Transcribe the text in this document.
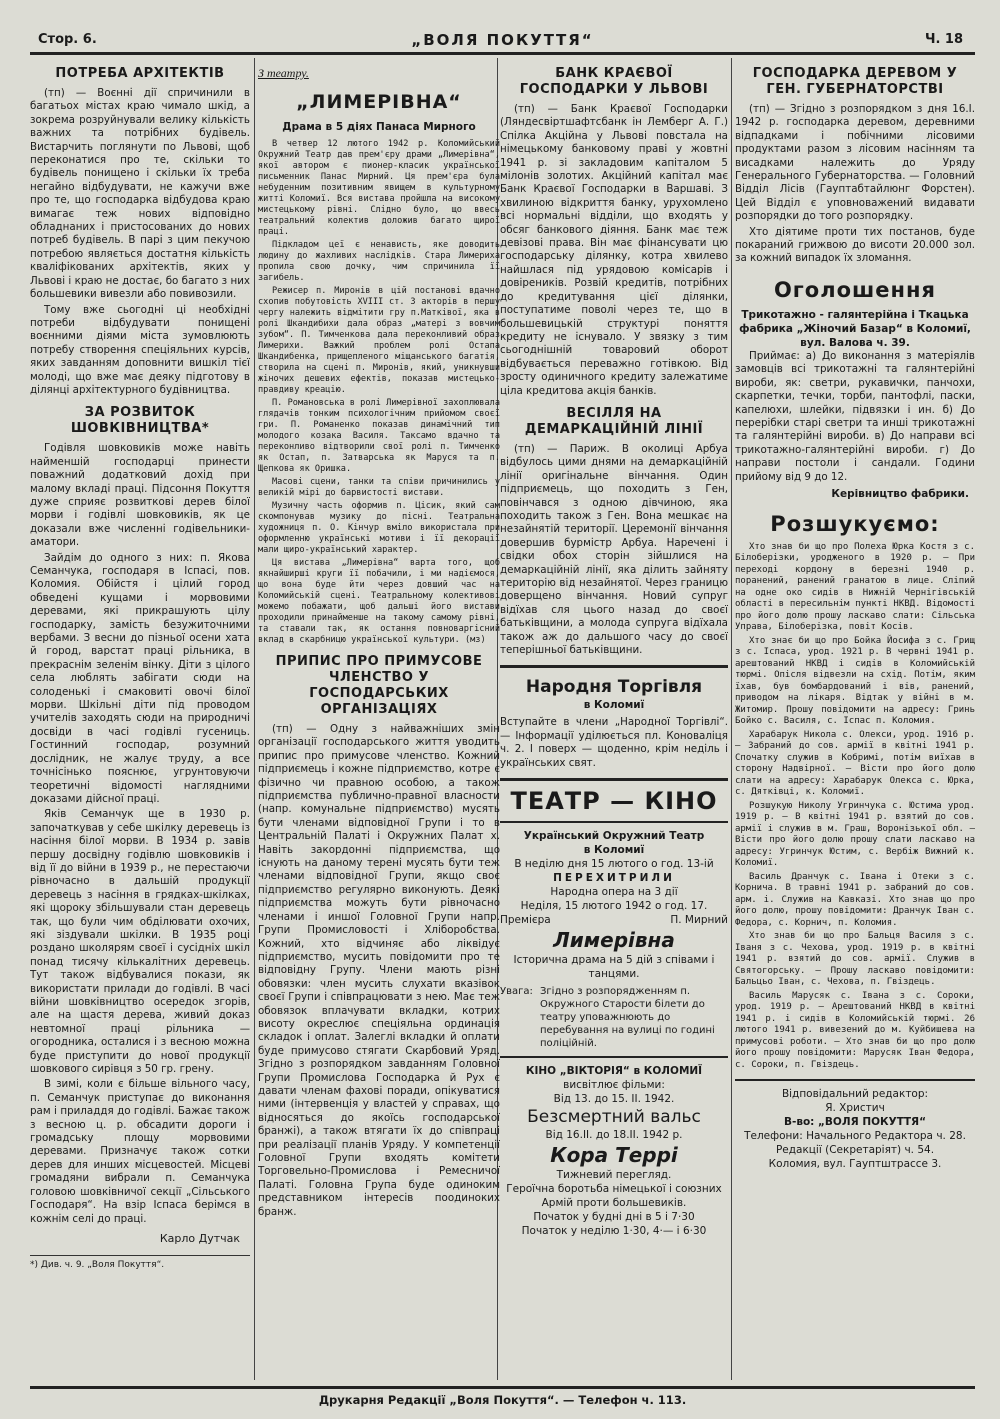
Стор. 6.	„ВОЛЯ ПОКУТТЯ“	Ч. 18
ПОТРЕБА АРХІТЕКТІВ

(тп) — Воєнні дії спричинили в багатьох містах краю чимало шкід, а зокрема розруйнували велику кількість важних та потрібних будівель. Вистарчить поглянути по Львові, щоб переконатися про те, скільки то будівель понищено і скільки їх треба негайно відбудувати, не кажучи вже про те, що господарка відбудова краю вимагає теж нових відповідно обладнаних і пристосованих до нових потреб будівель. В парі з цим пекучою потребою являється достатня кількість кваліфікованих архітектів, яких у Львові і краю не достає, бо багато з них большевики вивезли або повивозили.

Тому вже сьогодні ці необхідні потреби відбудувати понищені воєнними діями міста зумовлюють потребу створення спеціяльних курсів, яких завданням доповнити вишкіл тієї молоді, що вже має деяку підготову в ділянці архітектурного будівництва.

ЗА РОЗВИТОК ШОВКІВНИЦТВА*

Годівля шовковиків може навіть найменшій господарці принести поважний додатковий дохід при малому вкладі праці. Підсоння Покуття дуже сприяє розвиткові дерев білої морви і годівлі шовковиків, як це доказали вже численні годівельники-аматори.

Зайдім до одного з них: п. Якова Семанчука, господаря в Іспасі, пов. Коломия. Обійстя і цілий город обведені кущами і морвовими деревами, які прикрашують цілу господарку, замість безужиточними вербами. З весни до пізньої осени хата й город, варстат праці рільника, в прекраснім зеленім вінку. Діти з цілого села люблять забігати сюди на солоденькі і смаковиті овочі білої морви. Шкільні діти під проводом учителів заходять сюди на природничі досвіди в часі годівлі гусениць. Гостинний господар, розумний дослідник, не жалує труду, а все точнісінько пояснює, угрунтовуючи теоретичні відомості наглядними доказами дійсної праці.

Яків Семанчук ще в 1930 р. започаткував у себе шкілку деревець із насіння білої морви. В 1934 р. завів першу досвідну годівлю шовковиків і від її до війни в 1939 р., не перестаючи рівночасно в дальшій продукції деревець з насіння в грядках-шкілках, які щороку збільшували стан деревець так, що були чим обділювати охочих, які зіздували шкілки. В 1935 році роздано школярям своєї і сусідніх шкіл понад тисячу кількалітних деревець. Тут також відбувалися покази, як використати прилади до годівлі. В часі війни шовківництво осередок згорів, але на щастя дерева, живий доказ невтомної праці рільника — огородника, осталися і з весною можна буде приступити до нової продукції шовкового сирівця з 50 гр. грену.

В зимі, коли є більше вільного часу, п. Семанчук приступає до виконання рам і приладдя до годівлі. Бажає також з весною ц. р. обсадити дороги і громадську площу морвовими деревами. Призначує також сотки дерев для инших місцевостей. Місцеві громадяни вибрали п. Семанчука головою шовківничої секції „Сільського Господаря“. На взір Іспаса берімся в кожнім селі до праці.

Карло Дутчак
*) Див. ч. 9. „Воля Покуття“.
З театру.
„ЛИМЕРІВНА“
Драма в 5 діях Панаса Мирного

В четвер 12 лютого 1942 р. Коломийський Окружний Театр дав прем'єру драми „Лимерівна“, якої автором є пионер-класик української письменник Панас Мирний. Ця прем'єра була небуденним позитивним явищем в культурному житті Коломиї. Вся вистава пройшла на високому мистецькому рівні. Слідно було, що ввесь театральний колектив доложив багато щирої праці.

Підкладом цеї є ненависть, яке доводить людину до жахливих наслідків. Стара Лимериха пропила свою дочку, чим спричинила її загибель.

Режисер п. Миронів в цій постанові вдачно схопив побутовість XVIII ст. З акторів в першу чергу належить відмітити гру п.Матківої, яка в ролі Шкандибихи дала образ „матері з вовчим зубом“. П. Тимченкова дала переконливий образ Лимерихи. Важкий проблем ролі Остапа Шкандибенка, прищепленого міщанського багатія, створила на сцені п. Миронів, який, уникнувши жіночих дешевих ефектів, показав мистецько-правдиву креацію.

П. Романовська в ролі Лимерівної захоплювала глядачів тонким психологічним прийомом своєї гри. П. Романенко показав динамічний тип молодого козака Василя. Таксамо вдачно та переконливо відтворили свої ролі п. Тимченко як Остап, п. Затварська як Маруся та п. Щепкова як Оришка.

Масові сцени, танки та співи причинились у великій мірі до барвистості вистави.

Музичну часть оформив п. Цісик, який сам скомпонував музику до пісні. Театральна художниця п. О. Кінчур вміло використала при оформленню українські мотиви і її декорації мали щиро-український характер.

Ця вистава „Лимерівна“ варта того, щоб якнайширші круги її побачили, і ми надіємося, що вона буде йти через довший час на Коломийській сцені. Театральному колективові можемо побажати, щоб дальші його вистави проходили принайменше на такому самому рівні, та ставали так, як остання повноваргісний вклад в скарбницю української культури. (мз)

ПРИПИС ПРО ПРИМУСОВЕ ЧЛЕНСТВО У ГОСПОДАРСЬКИХ ОРГАНІЗАЦІЯХ

(тп) — Одну з найважніших змін організації господарського життя уводить припис про примусове членство. Кожний підприємець і кожне підприємство, котре є фізично чи правною особою, а також підприємства публично-правної власности (напр. комунальне підприємство) мусять бути членами відповідної Групи і то в Центральній Палаті і Окружних Палат х. Навіть закордонні підприємства, що існують на даному терені мусять бути теж членами відповідної Групи, якщо своє підприємство регулярно виконують. Деякі підприємства можуть бути рівночасно членами і иншої Головної Групи напр. Групи Промисловості і Хліборобства. Кожний, хто відчиняє або ліквідує підприємство, мусить повідомити про те відповідну Групу. Члени мають різні обовязки: член мусить слухати вказівок своєї Групи і співпрацювати з нею. Має теж обовязок вплачувати вкладки, котрих висоту окреслює спеціяльна ординація складок і оплат. Залеглі вкладки й оплати буде примусово стягати Скарбовий Уряд. Згідно з розпорядком завданням Головної Групи Промислова Господарка й Рух є давати членам фахові поради, опікуватися ними (інтервенція у властей у справах, що відносяться до якоїсь господарської бранжі), а також втягати їх до співпраці при реалізації планів Уряду. У компетенції Головної Групи входять комітети Торговельно-Промислова і Ремесничої Палаті. Головна Група буде одиноким представником інтересів поодиноких бранж.

БАНК КРАЄВОЇ ГОСПОДАРКИ У ЛЬВОВІ

(тп) — Банк Краєвої Господарки (Ляндесвіртшафтсбанк ін Лемберг А. Г.) Спілка Акційна у Львові повстала на німецькому банковому праві у жовтні 1941 р. зі закладовим капіталом 5 мілонів золотих. Акційний капітал має Банк Краєвої Господарки в Варшаві. З хвилиною відкриття банку, урухомлено всі нормальні відділи, що входять у обсяг банкового діяння. Банк має теж девізові права. Він має фінансувати цю господарську ділянку, котра хвилево найшлася під урядовою комісарів і довіреників. Розвій кредитів, потрібних до кредитування цієї ділянки, поступатиме поволі через те, що в большевицькій структурі поняття кредиту не існувало. У звязку з тим сьогоднішній товаровий оборот відбувається переважно готівкою. Від зросту одиничного кредиту залежатиме ціла кредитова акція банків.

ВЕСІЛЛЯ НА ДЕМАРКАЦІЙНІЙ ЛІНІЇ

(тп) — Париж. В околиці Арбуа відбулось цими днями на демаркаційній лінії оригінальне вінчання. Один підприємець, що походить з Ген, повінчався з одною дівчиною, яка походить також з Ген. Вона мешкає на незайнятій території. Церемонії вінчання довершив бурмістр Арбуа. Наречені і свідки обох сторін зійшлися на демаркаційній лінії, яка ділить зайняту територію від незайнятої. Через границю доверщено вінчання. Новий супруг відїхав сля цього назад до своєї батьківщини, а молода супруга відїхала також аж до дальшого часу до своєї теперішньої батьківщини.

Народня Торгівля
в Коломиї

Вступайте в члени „Народної Торгівлі“. — Інформації уділюється пл. Коноваліця ч. 2. І поверх — щоденно, крім неділь і українських свят.

ТЕАТР — КІНО
Український Окружний Театр
в Коломиї
В неділю дня 15 лютого о год. 13-ій
ПЕРЕХИТРИЛИ
Народна опера на 3 дії
Неділя, 15 лютого 1942 о год. 17.
Премієра	П. Мирний
Лимерівна
Історична драма на 5 дій з співами і танцями.
Увага: Згідно з розпорядженням п. Окружного Старости білети до театру уповажнюють до перебування на вулиці по годині поліційній.
КІНО „ВІКТОРІЯ“ в КОЛОМИЇ
висвітлює фільми:
Від 13. до 15. II. 1942.
Безсмертний вальс
Від 16.II. до 18.II. 1942 р.
Кора Террі
Тижневий перегляд.
Героїчна боротьба німецької і союзних Армій проти большевиків.
Початок у будні дні в 5 і 7·30
Початок у неділю 1·30, 4·— і 6·30
ГОСПОДАРКА ДЕРЕВОМ У ГЕН. ГУБЕРНАТОРСТВІ

(тп) — Згідно з розпорядком з дня 16.І. 1942 р. господарка деревом, деревними відпадками і побічними лісовими продуктами разом з лісовим насінням та висадками належить до Уряду Генерального Губернаторства. — Головний Відділ Лісів (Гауптабтайлюнг Форстен). Цей Відділ є уповноважений видавати розпорядки до того розпорядку.

Хто діятиме проти тих постанов, буде покараний грижвою до висоти 20.000 зол. за кожний випадок їх зломання.

Оголошення
Трикотажно - галянтерійна і Ткацька фабрика „Жіночий Базар“ в Коломиї, вул. Валова ч. 39.

Приймає: а) До виконання з матеріялів замовців всі трикотажні та галянтерійні вироби, як: светри, рукавички, панчохи, скарпетки, течки, торби, пантофлі, паски, капелюхи, шлейки, підвязки і ин. б) До перерібки старі светри та инші трикотажні та галянтерійні вироби. в) До направи всі трикотажно-галянтерійні вироби. г) До направи постоли і сандали. Години прийому від 9 до 12.

Керівництво фабрики.
Розшукуємо:

Хто знав би що про Полеха Юрка Костя з с. Білоберізки, уродженого в 1920 р. — При переході кордону в березні 1940 р. поранений, ранений гранатою в лице. Сліпий на одне око сидів в Нижній Чернігівській області в пересильнім пункті НКВД. Відомості про його долю прошу ласкаво слати: Сільська Управа, Білоберізка, повіт Косів.

Хто знає би що про Бойка Йосифа з с. Грищ з с. Іспаса, урод. 1921 р. В червні 1941 р. арештований НКВД і сидів в Коломийській тюрмі. Опісля відвезли на схід. Потім, яким їхав, був бомбардований і вів, ранений, приводом на лікаря. Відтак у війні в м. Житомир. Прошу повідомити на адресу: Гринь Бойко с. Василя, с. Іспас п. Коломия.

Харабарук Никола с. Олекси, урод. 1916 р. — Забраний до сов. армії в квітні 1941 р. Спочатку служив в Кобримі, потім виїхав в сторону Надвірної. — Вісти про його долю слати на адресу: Харабарук Олекса с. Юрка, с. Дятківці, к. Коломиї.

Розшукую Николу Угринчука с. Юстима урод. 1919 р. — В квітні 1941 р. взятий до сов. армії і служив в м. Граш, Воронізької обл. — Вісти про його долю прошу слати ласкаво на адресу: Угринчук Юстим, с. Вербіж Вижний к. Коломиї.

Василь Дранчук с. Івана і Отеки з с. Корнича. В травні 1941 р. забраний до сов. арм. і. Служив на Кавказі. Хто знав що про його долю, прошу повідомити: Дранчук Іван с. Федора, с. Корнич, п. Коломия.

Хто знав би що про Бальця Василя з с. Іваня з с. Чехова, урод. 1919 р. в квітні 1941 р. взятий до сов. армії. Служив в Святогорську. — Прошу ласкаво повідомити: Бальцьо Іван, с. Чехова, п. Гвіздець.

Василь Марусяк с. Івана з с. Сороки, урод. 1919 р. — Арештований НКВД в квітні 1941 р. і сидів в Коломийській тюрмі. 26 лютого 1941 р. вивезений до м. Куйбишева на примусові роботи. — Хто знав би що про долю його прошу повідомити: Марусяк Іван Федора, с. Сороки, п. Гвіздець.

Відповідальний редактор:
Я. Христич
В-во: „ВОЛЯ ПОКУТТЯ“
Телефони: Начального Редактора ч. 28.
Редакції (Секретаріят) ч. 54.
Коломия, вул. Гауптштрассе 3.
Друкарня Редакції „Воля Покуття“. — Телефон ч. 113.
